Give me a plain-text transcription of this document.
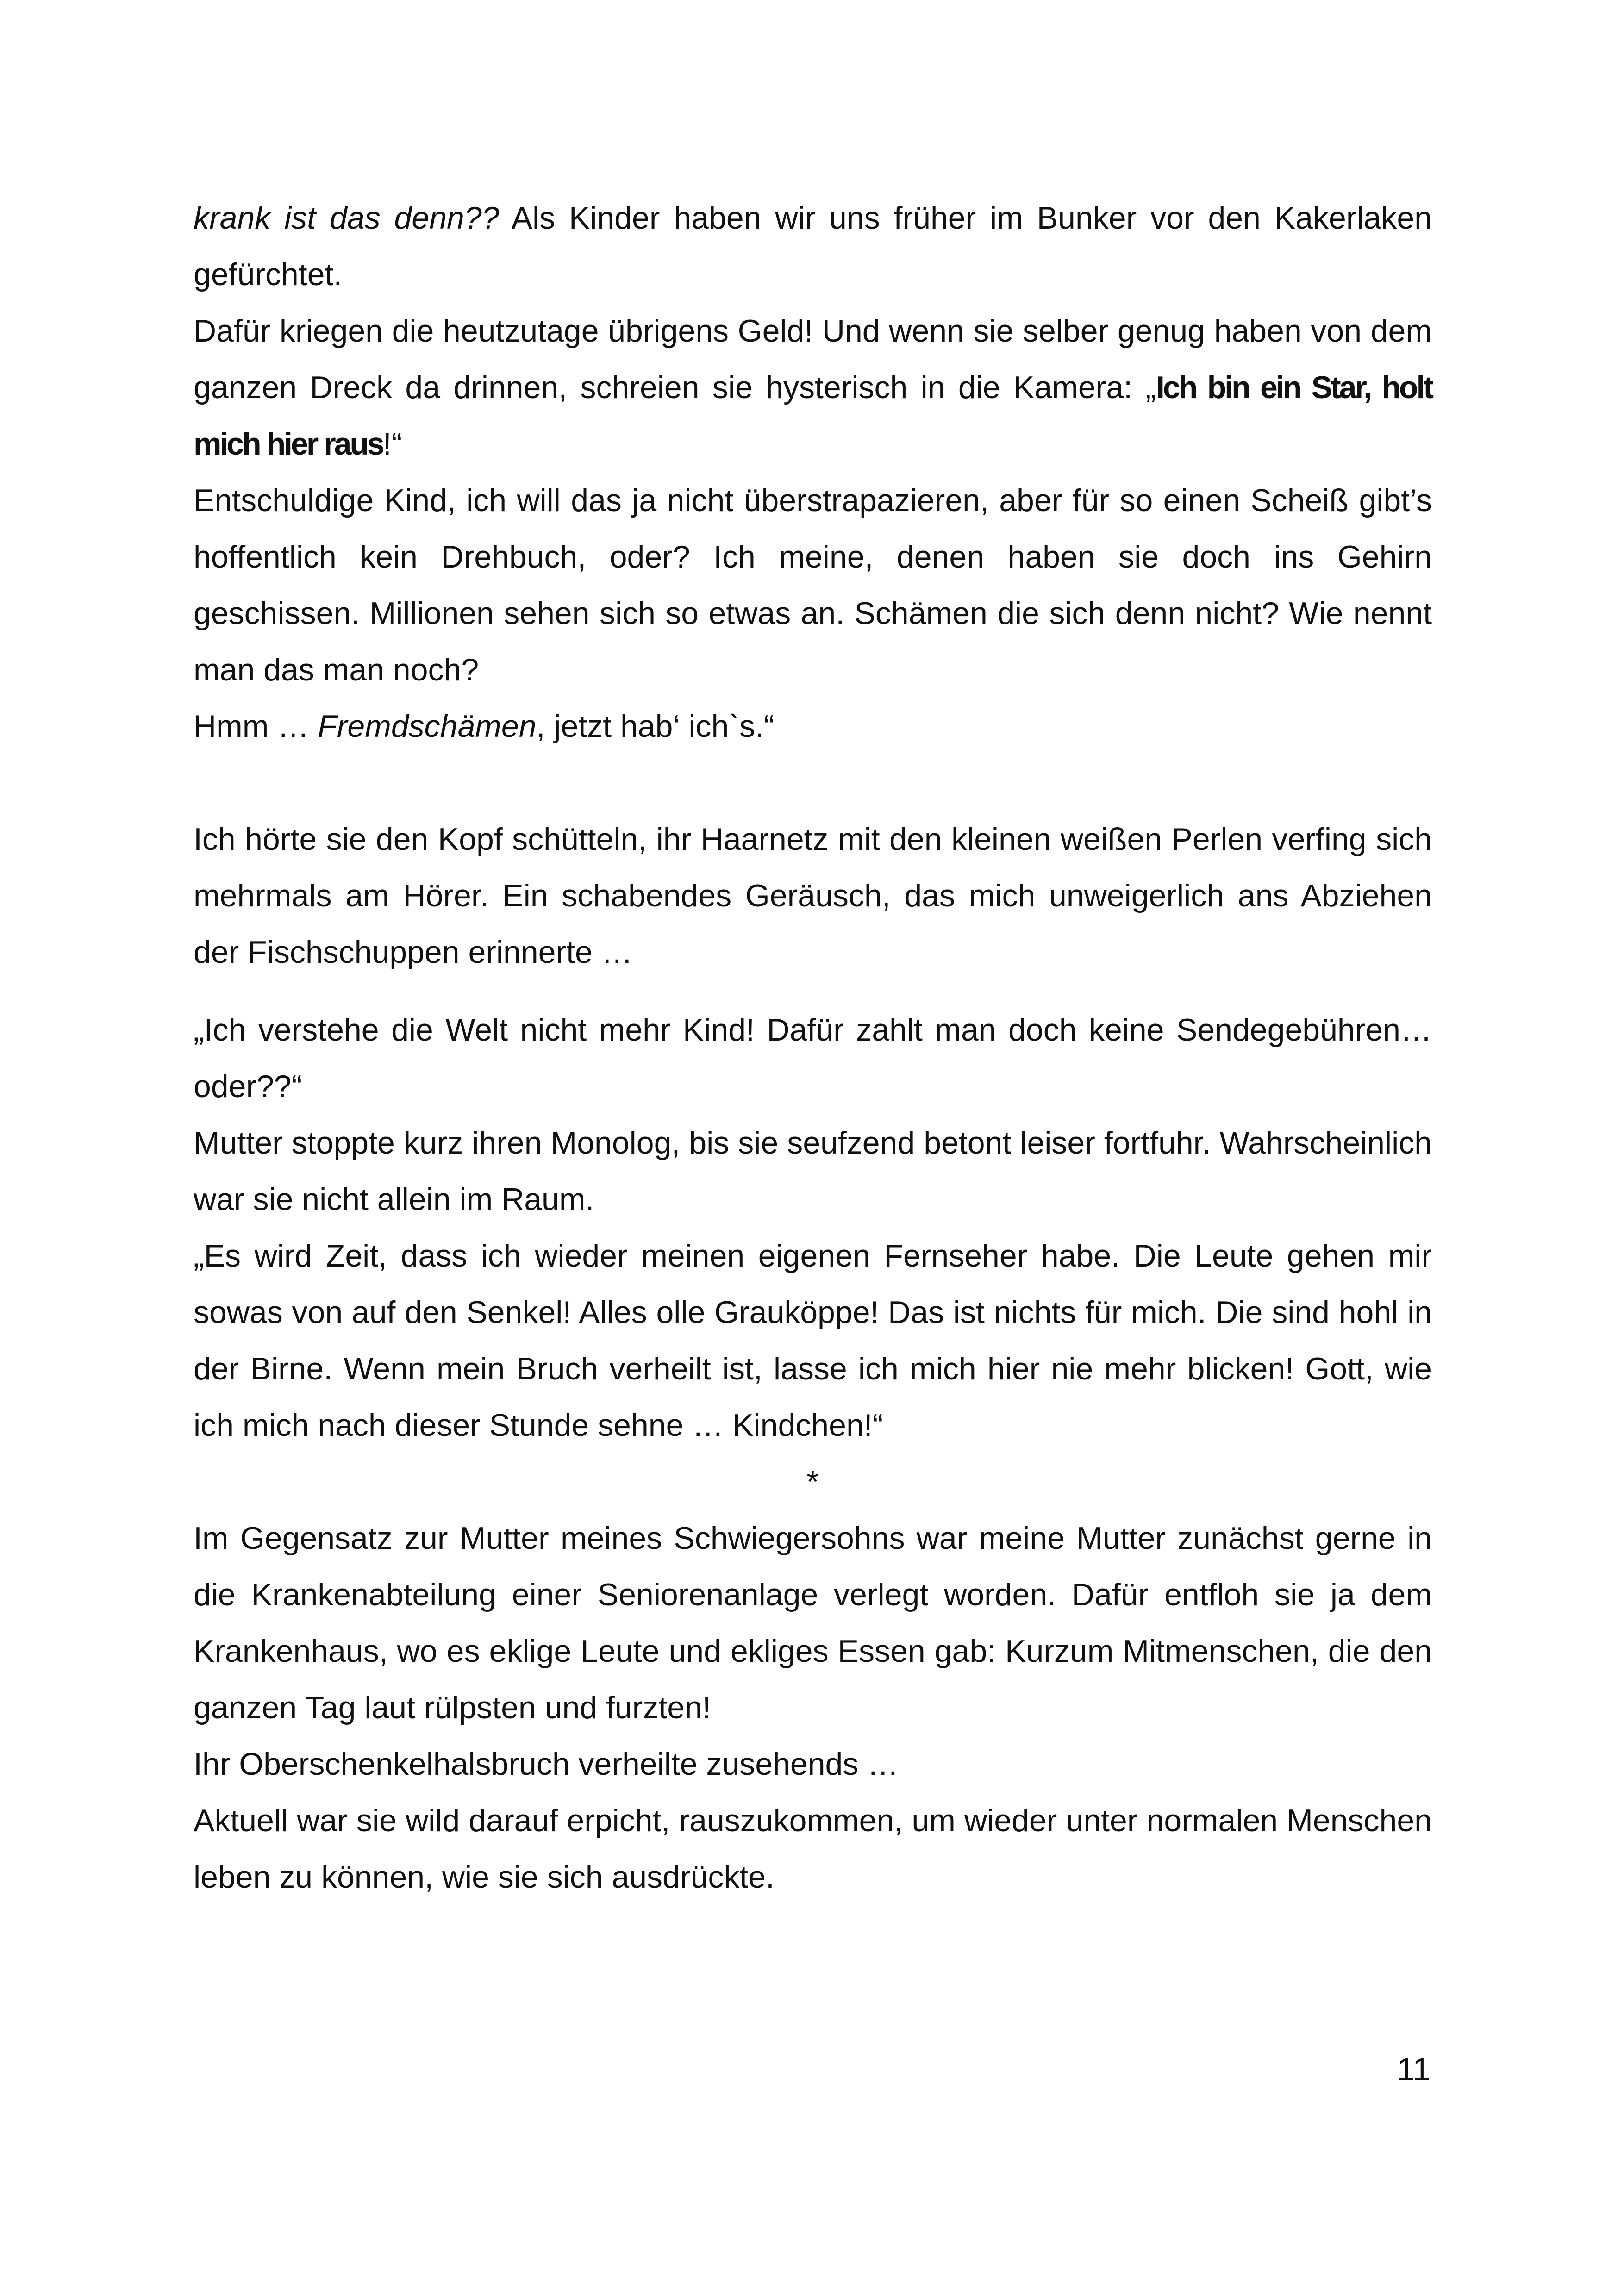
krank ist das denn?? Als Kinder haben wir uns früher im Bunker vor den Kakerlaken gefürchtet.

Dafür kriegen die heutzutage übrigens Geld! Und wenn sie selber genug haben von dem ganzen Dreck da drinnen, schreien sie hysterisch in die Kamera: „Ich bin ein Star, holt mich hier raus!“

Entschuldige Kind, ich will das ja nicht überstrapazieren, aber für so einen Scheiß gibt’s hoffentlich kein Drehbuch, oder? Ich meine, denen haben sie doch ins Gehirn geschissen. Millionen sehen sich so etwas an. Schämen die sich denn nicht? Wie nennt man das man noch?

Hmm … Fremdschämen, jetzt hab‘ ich`s.“

Ich hörte sie den Kopf schütteln, ihr Haarnetz mit den kleinen weißen Perlen verfing sich mehrmals am Hörer. Ein schabendes Geräusch, das mich unweigerlich ans Abziehen der Fischschuppen erinnerte …

„Ich verstehe die Welt nicht mehr Kind! Dafür zahlt man doch keine Sendegebühren…oder??“

Mutter stoppte kurz ihren Monolog, bis sie seufzend betont leiser fortfuhr. Wahrscheinlich war sie nicht allein im Raum.

„Es wird Zeit, dass ich wieder meinen eigenen Fernseher habe. Die Leute gehen mir sowas von auf den Senkel! Alles olle Grauköppe! Das ist nichts für mich. Die sind hohl in der Birne. Wenn mein Bruch verheilt ist, lasse ich mich hier nie mehr blicken! Gott, wie ich mich nach dieser Stunde sehne … Kindchen!“

*

Im Gegensatz zur Mutter meines Schwiegersohns war meine Mutter zunächst gerne in die Krankenabteilung einer Seniorenanlage verlegt worden. Dafür entfloh sie ja dem Krankenhaus, wo es eklige Leute und ekliges Essen gab: Kurzum Mitmenschen, die den ganzen Tag laut rülpsten und furzten!

Ihr Oberschenkelhalsbruch verheilte zusehends …

Aktuell war sie wild darauf erpicht, rauszukommen, um wieder unter normalen Menschen leben zu können, wie sie sich ausdrückte.

11
